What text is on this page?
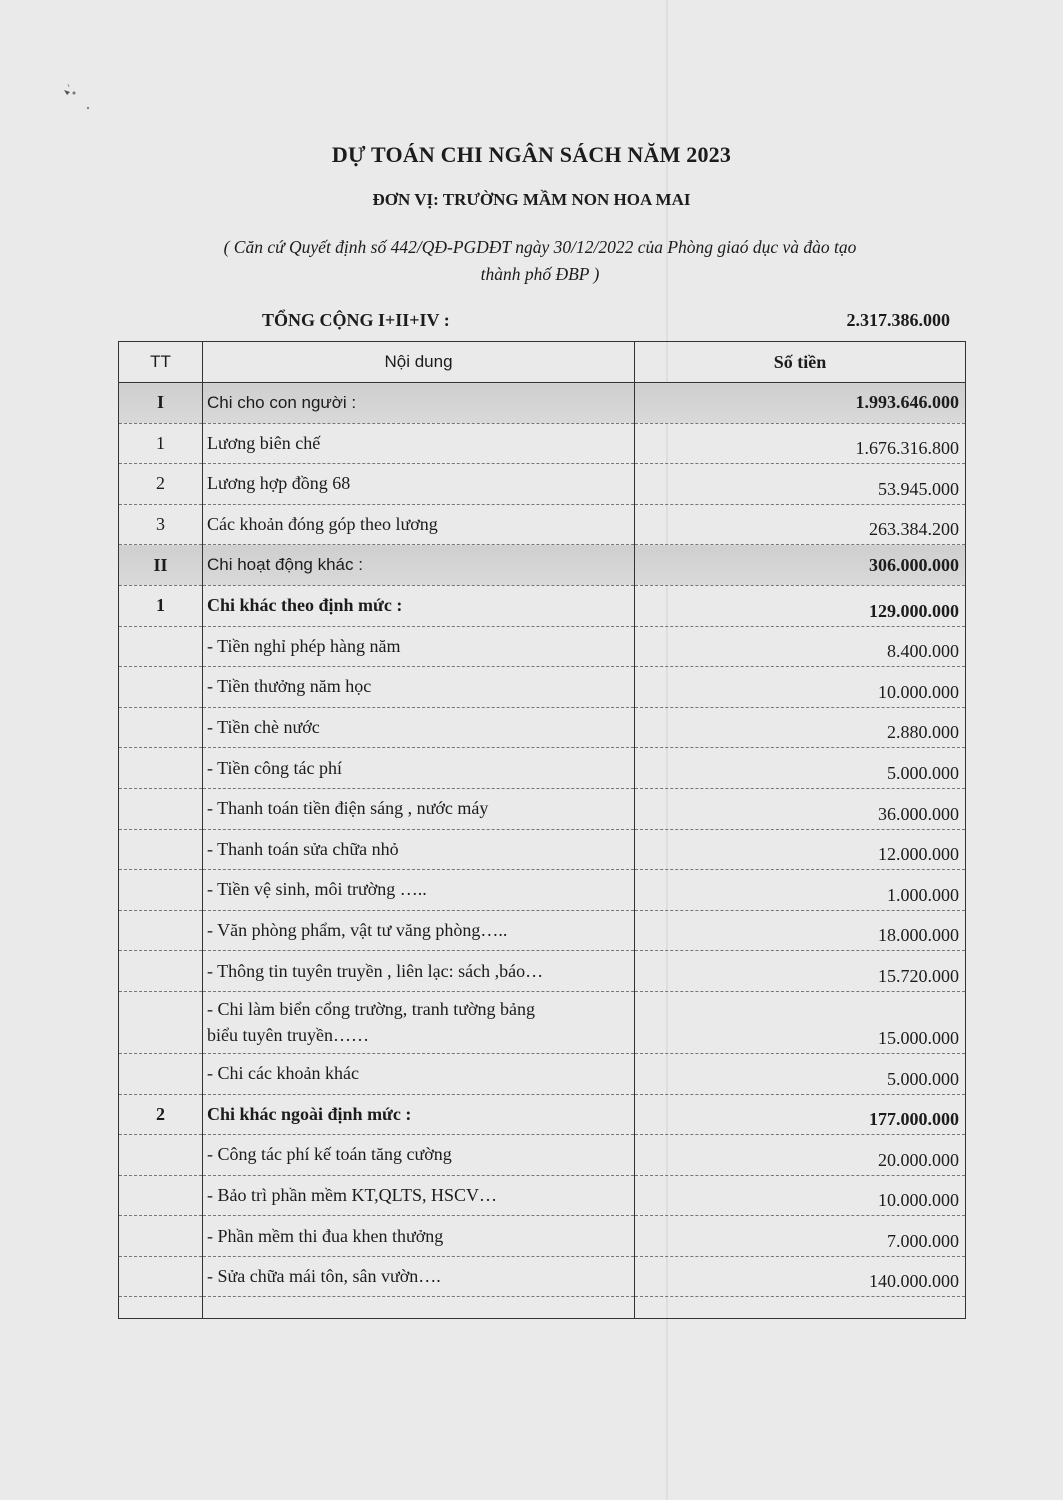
DỰ TOÁN CHI NGÂN SÁCH NĂM 2023
ĐƠN VỊ: TRƯỜNG MẦM NON HOA MAI
( Căn cứ Quyết định số 442/QĐ-PGDĐT ngày 30/12/2022 của Phòng giaó dục và đào tạo
thành phố ĐBP )
TỔNG CỘNG I+II+IV :	2.317.386.000
TT	Nội dung	Số tiền
I	Chi cho con người :	1.993.646.000
1	Lương biên chế	1.676.316.800
2	Lương hợp đồng 68	53.945.000
3	Các khoản đóng góp theo lương	263.384.200
II	Chi hoạt động khác :	306.000.000
1	Chi khác theo định mức :	129.000.000
	- Tiền nghỉ phép hàng năm	8.400.000
	- Tiền thưởng năm học	10.000.000
	- Tiền chè nước	2.880.000
	- Tiền công tác phí	5.000.000
	- Thanh toán tiền điện sáng , nước máy	36.000.000
	- Thanh toán sửa chữa nhỏ	12.000.000
	- Tiền vệ sinh, môi trường …..	1.000.000
	- Văn phòng phẩm, vật tư văng phòng…..	18.000.000
	- Thông tin tuyên truyền , liên lạc: sách ,báo…	15.720.000

	- Chi làm biển cổng trường, tranh tường bảng
biểu tuyên truyền……	15.000.000
	- Chi các khoản khác	5.000.000
2	Chi khác ngoài định mức :	177.000.000
	- Công tác phí kế toán tăng cường	20.000.000
	- Bảo trì phần mềm KT,QLTS, HSCV…	10.000.000
	- Phần mềm thi đua khen thưởng	7.000.000
	- Sửa chữa mái tôn, sân vườn….	140.000.000
